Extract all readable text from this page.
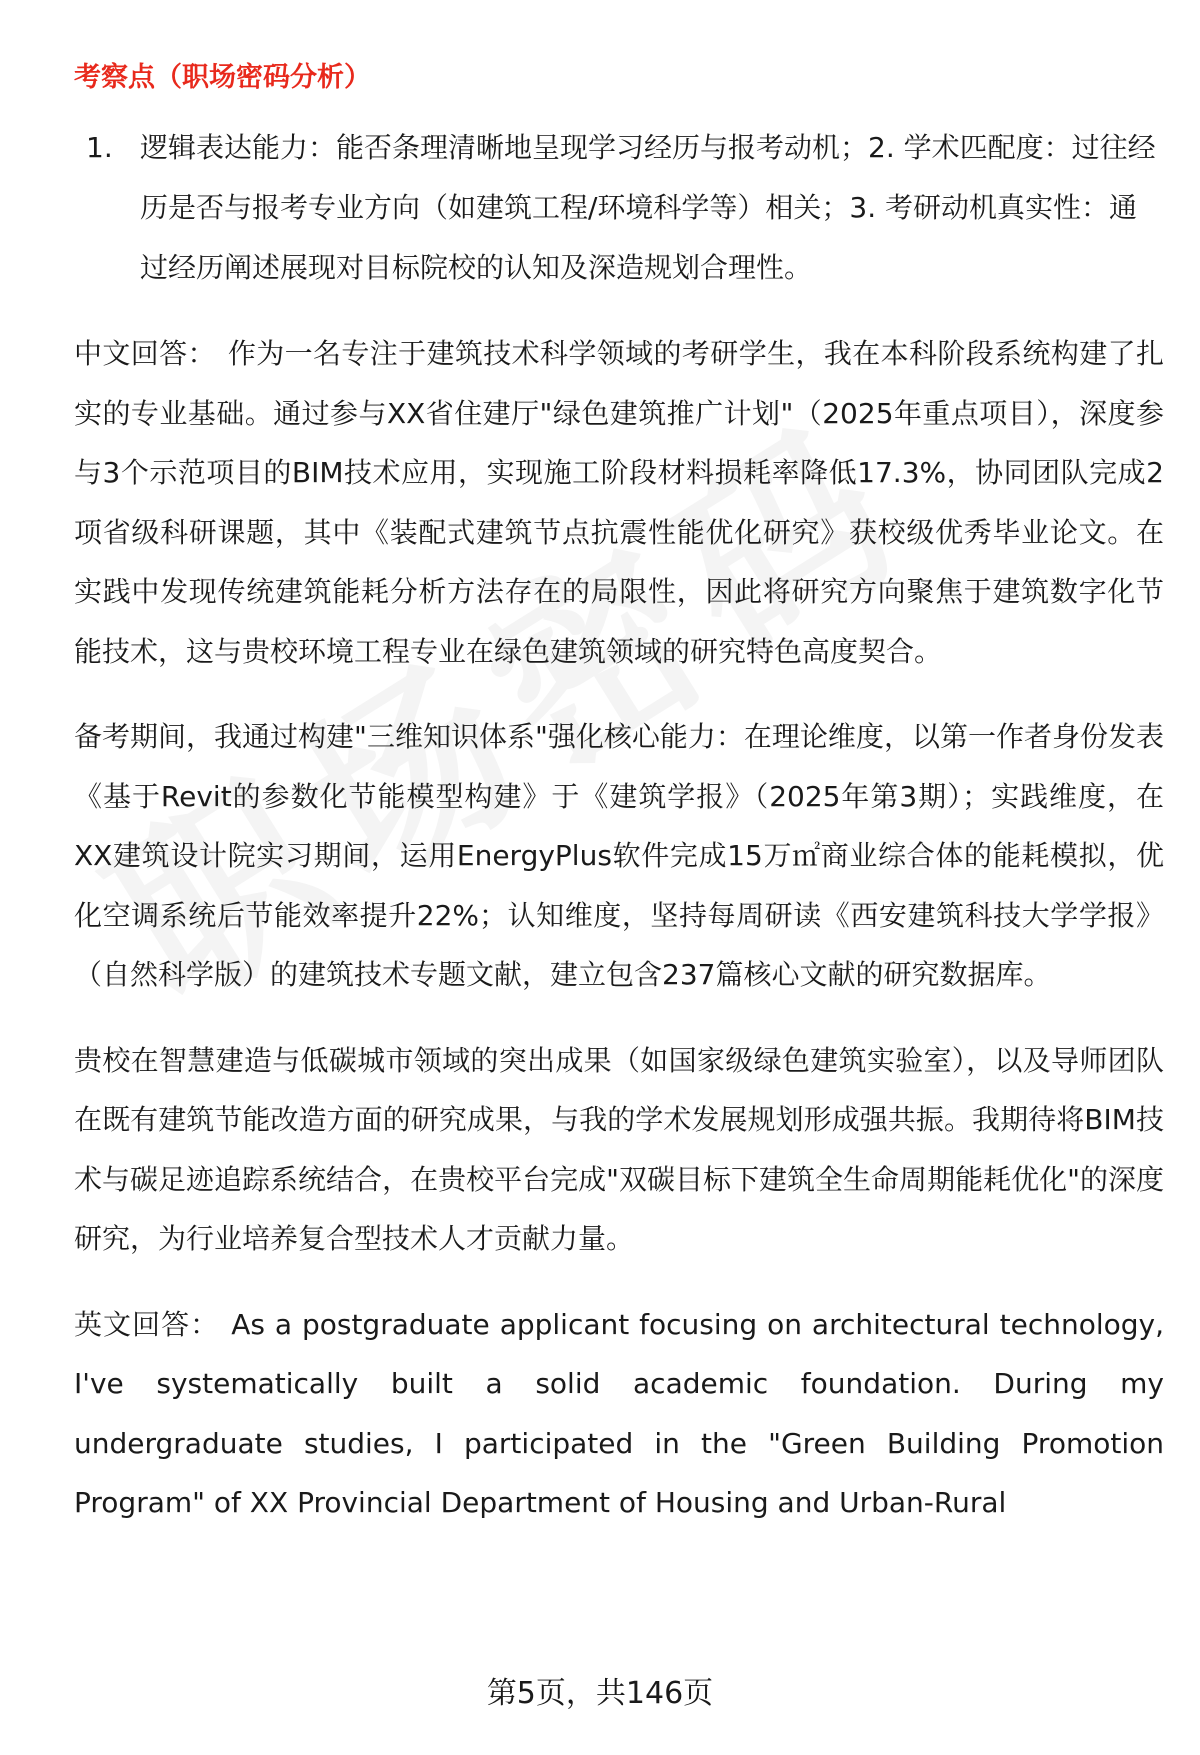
考察点（职场密码分析）
1. 逻辑表达能力：能否条理清晰地呈现学习经历与报考动机；2. 学术匹配度：过往经历是否与报考专业方向（如建筑工程/环境科学等）相关；3. 考研动机真实性：通过经历阐述展现对目标院校的认知及深造规划合理性。

中文回答： 作为一名专注于建筑技术科学领域的考研学生，我在本科阶段系统构建了扎实的专业基础。通过参与XX省住建厅"绿色建筑推广计划"（2025年重点项目），深度参与3个示范项目的BIM技术应用，实现施工阶段材料损耗率降低17.3%，协同团队完成2项省级科研课题，其中《装配式建筑节点抗震性能优化研究》获校级优秀毕业论文。在实践中发现传统建筑能耗分析方法存在的局限性，因此将研究方向聚焦于建筑数字化节能技术，这与贵校环境工程专业在绿色建筑领域的研究特色高度契合。

备考期间，我通过构建"三维知识体系"强化核心能力：在理论维度，以第一作者身份发表《基于Revit的参数化节能模型构建》于《建筑学报》（2025年第3期）；实践维度，在XX建筑设计院实习期间，运用EnergyPlus软件完成15万㎡商业综合体的能耗模拟，优化空调系统后节能效率提升22%；认知维度，坚持每周研读《西安建筑科技大学学报》（自然科学版）的建筑技术专题文献，建立包含237篇核心文献的研究数据库。

贵校在智慧建造与低碳城市领域的突出成果（如国家级绿色建筑实验室），以及导师团队在既有建筑节能改造方面的研究成果，与我的学术发展规划形成强共振。我期待将BIM技术与碳足迹追踪系统结合，在贵校平台完成"双碳目标下建筑全生命周期能耗优化"的深度研究，为行业培养复合型技术人才贡献力量。

英文回答： As a postgraduate applicant focusing on architectural technology, I've systematically built a solid academic foundation. During my undergraduate studies, I participated in the "Green Building Promotion Program" of XX Provincial Department of Housing and Urban-Rural

第5页，共146页
